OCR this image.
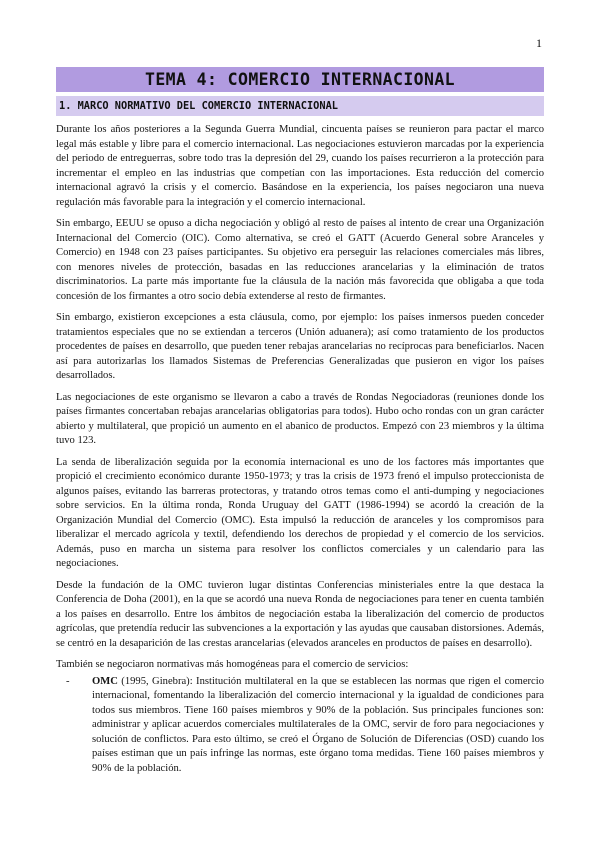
1
TEMA 4: COMERCIO INTERNACIONAL
1. MARCO NORMATIVO DEL COMERCIO INTERNACIONAL

Durante los años posteriores a la Segunda Guerra Mundial, cincuenta países se reunieron para pactar el marco legal más estable y libre para el comercio internacional. Las negociaciones estuvieron marcadas por la experiencia del periodo de entreguerras, sobre todo tras la depresión del 29, cuando los países recurrieron a la protección para incrementar el empleo en las industrias que competían con las importaciones. Esta reducción del comercio internacional agravó la crisis y el comercio. Basándose en la experiencia, los países negociaron una nueva regulación más favorable para la integración y el comercio internacional.

Sin embargo, EEUU se opuso a dicha negociación y obligó al resto de países al intento de crear una Organización Internacional del Comercio (OIC). Como alternativa, se creó el GATT (Acuerdo General sobre Aranceles y Comercio) en 1948 con 23 países participantes. Su objetivo era perseguir las relaciones comerciales más libres, con menores niveles de protección, basadas en las reducciones arancelarias y la eliminación de tratos discriminatorios. La parte más importante fue la cláusula de la nación más favorecida que obligaba a que toda concesión de los firmantes a otro socio debía extenderse al resto de firmantes.

Sin embargo, existieron excepciones a esta cláusula, como, por ejemplo: los países inmersos pueden conceder tratamientos especiales que no se extiendan a terceros (Unión aduanera); así como tratamiento de los productos procedentes de países en desarrollo, que pueden tener rebajas arancelarias no recíprocas para beneficiarlos. Nacen así para autorizarlas los llamados Sistemas de Preferencias Generalizadas que pusieron en vigor los países desarrollados.

Las negociaciones de este organismo se llevaron a cabo a través de Rondas Negociadoras (reuniones donde los países firmantes concertaban rebajas arancelarias obligatorias para todos). Hubo ocho rondas con un gran carácter abierto y multilateral, que propició un aumento en el abanico de productos. Empezó con 23 miembros y la última tuvo 123.

La senda de liberalización seguida por la economía internacional es uno de los factores más importantes que propició el crecimiento económico durante 1950-1973; y tras la crisis de 1973 frenó el impulso proteccionista de algunos países, evitando las barreras protectoras, y tratando otros temas como el anti-dumping y negociaciones sobre servicios. En la última ronda, Ronda Uruguay del GATT (1986-1994) se acordó la creación de la Organización Mundial del Comercio (OMC). Esta impulsó la reducción de aranceles y los compromisos para liberalizar el mercado agrícola y textil, defendiendo los derechos de propiedad y el comercio de los servicios. Además, puso en marcha un sistema para resolver los conflictos comerciales y un calendario para las negociaciones.

Desde la fundación de la OMC tuvieron lugar distintas Conferencias ministeriales entre la que destaca la Conferencia de Doha (2001), en la que se acordó una nueva Ronda de negociaciones para tener en cuenta también a los países en desarrollo. Entre los ámbitos de negociación estaba la liberalización del comercio de productos agrícolas, que pretendía reducir las subvenciones a la exportación y las ayudas que causaban distorsiones. Además, se centró en la desaparición de las crestas arancelarias (elevados aranceles en productos de países en desarrollo).

También se negociaron normativas más homogéneas para el comercio de servicios:

- OMC (1995, Ginebra): Institución multilateral en la que se establecen las normas que rigen el comercio internacional, fomentando la liberalización del comercio internacional y la igualdad de condiciones para todos sus miembros. Tiene 160 países miembros y 90% de la población. Sus principales funciones son: administrar y aplicar acuerdos comerciales multilaterales de la OMC, servir de foro para negociaciones y solución de conflictos. Para esto último, se creó el Órgano de Solución de Diferencias (OSD) cuando los países estiman que un país infringe las normas, este órgano toma medidas. Tiene 160 países miembros y 90% de la población.
